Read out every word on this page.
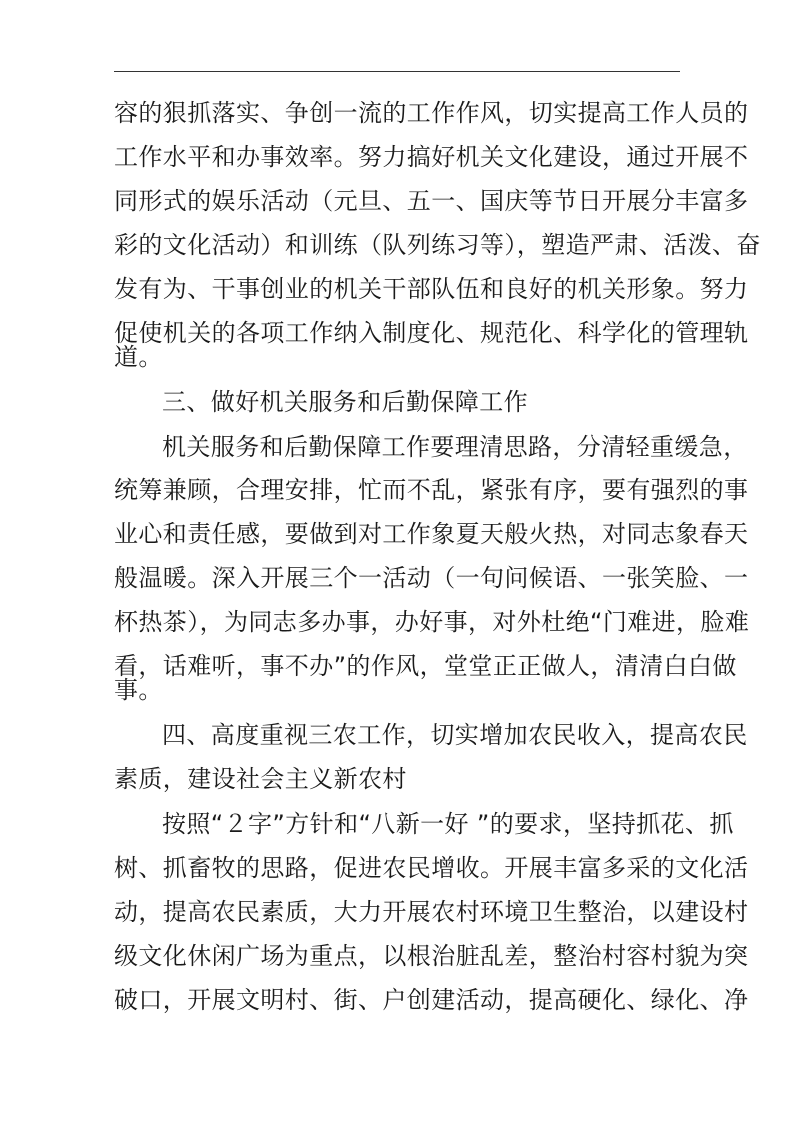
容的狠抓落实、争创一流的工作作风，切实提高工作人员的
工作水平和办事效率。努力搞好机关文化建设，通过开展不
同形式的娱乐活动（元旦、五一、国庆等节日开展分丰富多
彩的文化活动）和训练（队列练习等），塑造严肃、活泼、奋
发有为、干事创业的机关干部队伍和良好的机关形象。努力
促使机关的各项工作纳入制度化、规范化、科学化的管理轨
道。
三、做好机关服务和后勤保障工作
机关服务和后勤保障工作要理清思路，分清轻重缓急，
统筹兼顾，合理安排，忙而不乱，紧张有序，要有强烈的事
业心和责任感，要做到对工作象夏天般火热，对同志象春天
般温暖。深入开展三个一活动（一句问候语、一张笑脸、一
杯热茶），为同志多办事，办好事，对外杜绝“门难进，脸难
看，话难听，事不办”的作风，堂堂正正做人，清清白白做
事。
四、高度重视三农工作，切实增加农民收入，提高农民
素质，建设社会主义新农村
按照“２字”方针和“八新一好 ”的要求，坚持抓花、抓
树、抓畜牧的思路，促进农民增收。开展丰富多采的文化活
动，提高农民素质，大力开展农村环境卫生整治，以建设村
级文化休闲广场为重点，以根治脏乱差，整治村容村貌为突
破口，开展文明村、街、户创建活动，提高硬化、绿化、净
